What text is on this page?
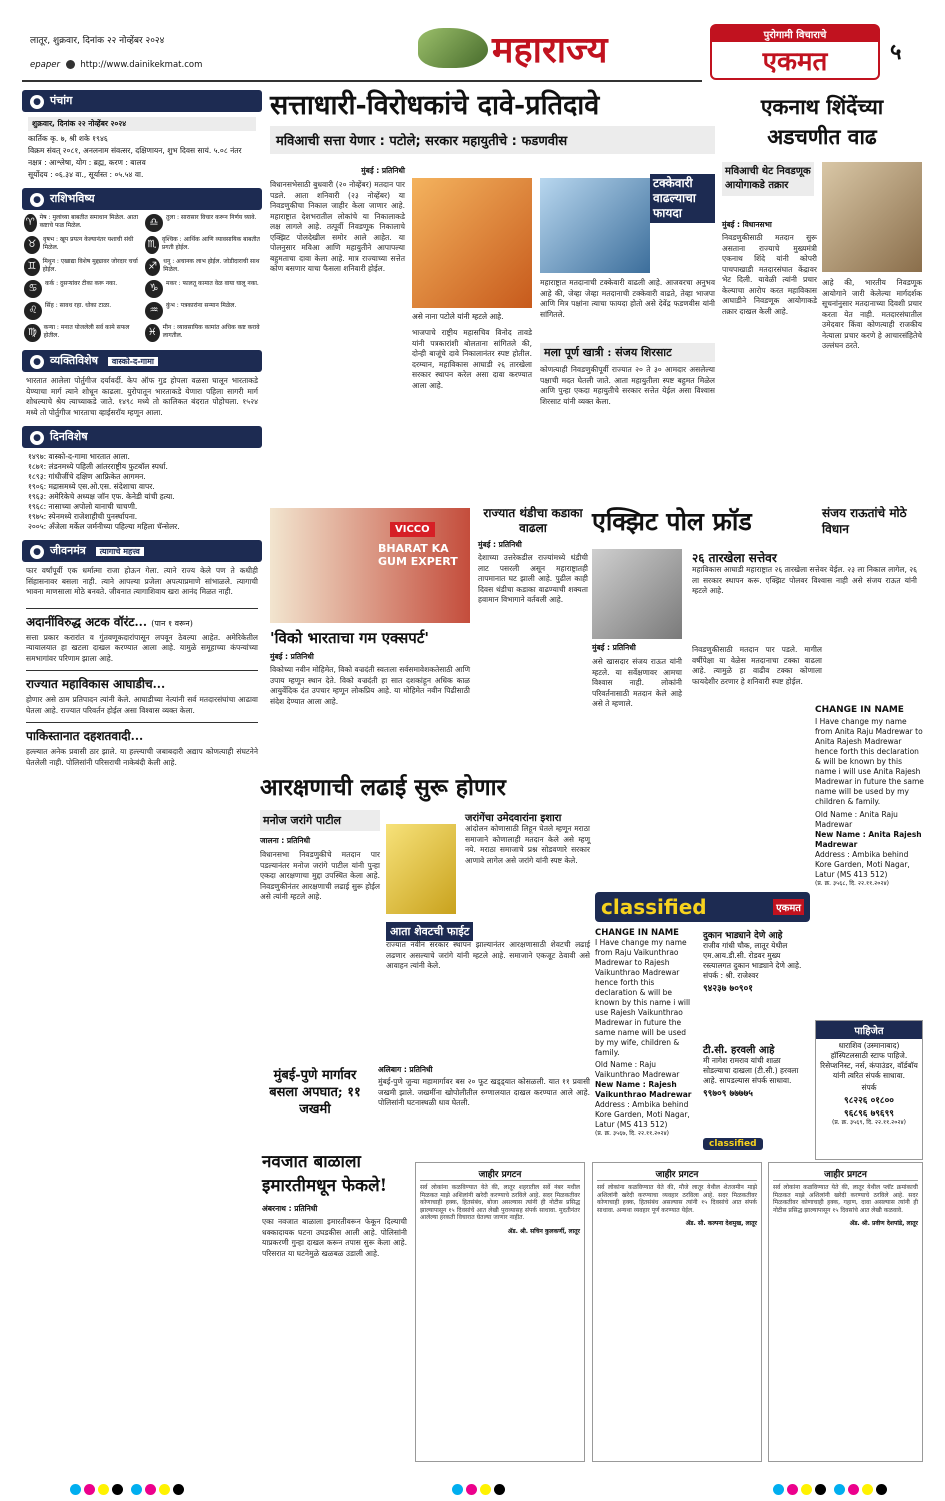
लातूर, शुक्रवार, दिनांक २२ नोव्हेंबर २०२४
epaper http://www.dainikekmat.com	महाराज्य	पुरोगामी विचाराचे
एकमत	५
● पंचांग
शुक्रवार, दिनांक २२ नोव्हेंबर २०२४
कार्तिक कृ. ७, श्री शके १९४६
विक्रम संवत् २०८१, अनलनाम संवत्सर, दक्षिणायन, शुभ दिवस सायं. ५.०८ नंतर
नक्षत्र : आश्लेषा, योग : ब्रह्म, करण : बालव
सूर्योदय : ०६.३४ वा., सूर्यास्त : ०५.५४ वा.
● राशिभविष्य
♈ मेष : मुलांच्या बाबतीत समाधान मिळेल. आता कष्टाचे फळ मिळेल.	♎	तुला : सारासार विचार करून निर्णय घ्यावे.
♉	वृषभ : खूप प्रयत्न केल्यानंतर यशाची संधी मिळेल.	♏ वृश्चिक : आर्थिक आणि व्यावसायिक बाबतीत प्रगती होईल.
♊	मिथुन : एखाद्या विशेष मुद्द्यावर जोरदार चर्चा होईल.	♐	धनु : अचानक लाभ होईल. जोडीदाराची साथ मिळेल.
♋	कर्क : दुसऱ्यांवर टीका करू नका.	♑	मकर : फालतू कामात वेळ वाया घालू नका.
♌	सिंह : सावध रहा. धोका टाळा.	♒	कुंभ : पत्रकारांना सन्मान मिळेल.
♍	कन्या : मनात योजलेली सर्व कामे सफल होतील.	♓ मीन : व्यावसायिक कामांत अधिक कष्ट करावे लागतील.
● व्यक्तिविशेष वास्को-द-गामा
भारतात आलेला पोर्तुगीज दर्यावर्दी. केप ऑफ गुड होपला वळसा घालून भारताकडे येण्याचा मार्ग त्याने शोधून काढला. युरोपातून भारताकडे येणारा पहिला सागरी मार्ग शोधल्याचे श्रेय त्याच्याकडे जाते. १४९८ मध्ये तो कालिकत बंदरात पोहोचला. १५२४ मध्ये तो पोर्तुगीज भारताचा व्हाईसरॉय म्हणून आला.
● दिनविशेष
१४९७: वास्को-द-गामा भारतात आला.
१८७१: लंडनमध्ये पहिली आंतरराष्ट्रीय फुटबॉल स्पर्धा.
१८९३: गांधीजींचे दक्षिण आफ्रिकेत आगमन.
१९०६: मद्रासमध्ये एस.ओ.एस. संदेशाचा वापर.
१९६३: अमेरिकेचे अध्यक्ष जॉन एफ. केनेडी यांची हत्या.
१९६८: नासाच्या अपोलो यानाची चाचणी.
१९७५: स्पेनमध्ये राजेशाहीची पुनर्स्थापना.
२००५: अँजेला मर्केल जर्मनीच्या पहिल्या महिला चॅन्सेलर.
● जीवनमंत्र त्यागाचे महत्त्व
फार वर्षांपूर्वी एक धर्मात्मा राजा होऊन गेला. त्याने राज्य केले पण ते कधीही सिंहासनावर बसला नाही. त्याने आपल्या प्रजेला अपत्याप्रमाणे सांभाळले. त्यागाची भावना माणसाला मोठे बनवते. जीवनात त्यागाशिवाय खरा आनंद मिळत नाही.
अदानींविरुद्ध अटक वॉरंट... (पान १ वरून)
सत्ता प्रकार करारांत व गुंतवणूकदारांपासून लपवून ठेवल्या आहेत. अमेरिकेतील न्यायालयात हा खटला दाखल करण्यात आला आहे. यामुळे समूहाच्या कंपन्यांच्या समभागांवर परिणाम झाला आहे.
राज्यात महाविकास आघाडीच...
होणार असे ठाम प्रतिपादन त्यांनी केले. आघाडीच्या नेत्यांनी सर्व मतदारसंघांचा आढावा घेतला आहे. राज्यात परिवर्तन होईल असा विश्वास व्यक्त केला.
पाकिस्तानात दहशतवादी...
हल्ल्यात अनेक प्रवासी ठार झाले. या हल्ल्याची जबाबदारी अद्याप कोणत्याही संघटनेने घेतलेली नाही. पोलिसांनी परिसराची नाकेबंदी केली आहे.
सत्ताधारी-विरोधकांचे दावे-प्रतिदावे
मविआची सत्ता येणार : पटोले; सरकार महायुतीचे : फडणवीस
मुंबई : प्रतिनिधी
विधानसभेसाठी बुधवारी (२० नोव्हेंबर) मतदान पार पडले. आता शनिवारी (२३ नोव्हेंबर) या निवडणुकीचा निकाल जाहीर केला जाणार आहे. महाराष्ट्रात देशभरातील लोकांचे या निकालाकडे लक्ष लागले आहे. तत्पूर्वी निवडणूक निकालाचे एक्झिट पोलदेखील समोर आले आहेत. या पोलनुसार मविआ आणि महायुतीने आपापल्या बहुमताचा दावा केला आहे. मात्र राज्याच्या सत्तेत कोण बसणार याचा फैसला शनिवारी होईल.
असे नाना पटोले यांनी म्हटले आहे.
भाजपाचे राष्ट्रीय महासचिव विनोद तावडे यांनी पत्रकारांशी बोलताना सांगितले की, दोन्ही बाजूंचे दावे निकालानंतर स्पष्ट होतील. दरम्यान, महाविकास आघाडी २६ तारखेला सरकार स्थापन करेल असा दावा करण्यात आला आहे.
टक्केवारी वाढल्याचा फायदा
महाराष्ट्रात मतदानाची टक्केवारी वाढली आहे. आजवरचा अनुभव आहे की, जेव्हा जेव्हा मतदानाची टक्केवारी वाढते, तेव्हा भाजपा आणि मित्र पक्षांना त्याचा फायदा होतो असे देवेंद्र फडणवीस यांनी सांगितले.
मला पूर्ण खात्री : संजय शिरसाट
कोणत्याही निवडणुकीपूर्वी राज्यात २० ते ३० आमदार असलेल्या पक्षाची मदत घेतली जाते. आता महायुतीला स्पष्ट बहुमत मिळेल आणि पुन्हा एकदा महायुतीचे सरकार सत्तेत येईल असा विश्वास शिरसाट यांनी व्यक्त केला.
एकनाथ शिंदेंच्या अडचणीत वाढ
मविआची थेट निवडणूक आयोगाकडे तक्रार
मुंबई : विधानसभा
निवडणुकीसाठी मतदान सुरू असताना राज्याचे मुख्यमंत्री एकनाथ शिंदे यांनी कोपरी पाचपाखाडी मतदारसंघात केंद्रावर भेट दिली. यावेळी त्यांनी प्रचार केल्याचा आरोप करत महाविकास आघाडीने निवडणूक आयोगाकडे तक्रार दाखल केली आहे.
आहे की, भारतीय निवडणूक आयोगाने जारी केलेल्या मार्गदर्शक सूचनांनुसार मतदानाच्या दिवशी प्रचार करता येत नाही. मतदारसंघातील उमेदवार किंवा कोणत्याही राजकीय नेत्याला प्रचार करणे हे आचारसंहितेचे उल्लंघन ठरते.
VICCO
BHARAT KA GUM EXPERT
'विको भारताचा गम एक्सपर्ट'
मुंबई : प्रतिनिधी
विकोच्या नवीन मोहिमेत, विको वज्रदंती स्वतःला सर्वसमावेशकतेसाठी आणि उपाय म्हणून स्थान देते. विको वज्रदंती हा सात दशकांहून अधिक काळ आयुर्वेदिक दंत उपचार म्हणून लोकप्रिय आहे. या मोहिमेत नवीन पिढीसाठी संदेश देण्यात आला आहे.
राज्यात थंडीचा कडाका वाढला
मुंबई : प्रतिनिधी
देशाच्या उत्तरेकडील राज्यांमध्ये थंडीची लाट पसरली असून महाराष्ट्रातही तापमानात घट झाली आहे. पुढील काही दिवस थंडीचा कडाका वाढण्याची शक्यता हवामान विभागाने वर्तवली आहे.
एक्झिट पोल फ्रॉड	संजय राऊतांचे मोठे विधान
२६ तारखेला सत्तेवर
महाविकास आघाडी महाराष्ट्रात २६ तारखेला सत्तेवर येईल. २३ ला निकाल लागेल, २६ ला सरकार स्थापन करू. एक्झिट पोलवर विश्वास नाही असे संजय राऊत यांनी म्हटले आहे.
मुंबई : प्रतिनिधी
असे खासदार संजय राऊत यांनी म्हटले. या सर्वेक्षणावर आमचा विश्वास नाही. लोकांनी परिवर्तनासाठी मतदान केले आहे असे ते म्हणाले.
निवडणुकीसाठी मतदान पार पडले. मागील वर्षीपेक्षा या वेळेस मतदानाचा टक्का वाढला आहे. त्यामुळे हा वाढीव टक्का कोणाला फायदेशीर ठरणार हे शनिवारी स्पष्ट होईल.
CHANGE IN NAME
I Have change my name from Anita Raju Madrewar to Anita Rajesh Madrewar hence forth this declaration & will be known by this name i will use Anita Rajesh Madrewar in future the same name will be used by my children & family.
Old Name : Anita Raju Madrewar
New Name : Anita Rajesh Madrewar
Address : Ambika behind Kore Garden, Moti Nagar, Latur (MS 413 512)
(प्र. क्र. ३५६८, दि. २२.११.२०२४)
आरक्षणाची लढाई सुरू होणार
मनोज जरांगे पाटील
जालना : प्रतिनिधी
विधानसभा निवडणुकीचे मतदान पार पडल्यानंतर मनोज जरांगे पाटील यांनी पुन्हा एकदा आरक्षणाचा मुद्दा उपस्थित केला आहे. निवडणुकीनंतर आरक्षणाची लढाई सुरू होईल असे त्यांनी म्हटले आहे.
जरांगेंचा उमेदवारांना इशारा
आंदोलन कोणासाठी लिहून घेतले म्हणून मराठा समाजाने कोणालाही मतदान केले असे म्हणू नये. मराठा समाजाचे प्रश्न सोडवणारे सरकार आणावे लागेल असे जरांगे यांनी स्पष्ट केले.
आता शेवटची फाईट
राज्यात नवीन सरकार स्थापन झाल्यानंतर आरक्षणासाठी शेवटची लढाई लढणार असल्याचे जरांगे यांनी म्हटले आहे. समाजाने एकजूट ठेवावी असे आवाहन त्यांनी केले.
मुंबई-पुणे मार्गावर बसला अपघात; ११ जखमी
अलिबाग : प्रतिनिधी
मुंबई-पुणे जुन्या महामार्गावर बस २० फूट खड्ड्यात कोसळली. यात ११ प्रवासी जखमी झाले. जखमींना खोपोलीतील रुग्णालयात दाखल करण्यात आले आहे. पोलिसांनी घटनास्थळी धाव घेतली.
नवजात बाळाला इमारतीमधून फेकले!
अंबरनाथ : प्रतिनिधी
एका नवजात बाळाला इमारतीवरून फेकून दिल्याची धक्कादायक घटना उघडकीस आली आहे. पोलिसांनी याप्रकरणी गुन्हा दाखल करून तपास सुरू केला आहे. परिसरात या घटनेमुळे खळबळ उडाली आहे.
classified	एकमत
CHANGE IN NAME
I Have change my name from Raju Vaikunthrao Madrewar to Rajesh Vaikunthrao Madrewar hence forth this declaration & will be known by this name i will use Rajesh Vaikunthrao Madrewar in future the same name will be used by my wife, children & family.
Old Name : Raju Vaikunthrao Madrewar
New Name : Rajesh Vaikunthrao Madrewar
Address : Ambika behind Kore Garden, Moti Nagar, Latur (MS 413 512)
(प्र. क्र. ३५६७, दि. २२.११.२०२४)
दुकान भाड्याने देणे आहे
राजीव गांधी चौक, लातूर येथील एम.आय.डी.सी. रोडवर मुख्य रस्त्यालगत दुकान भाड्याने देणे आहे. संपर्क : श्री. राजेश्वर
९४२३७ ७०९०१
टी.सी. हरवली आहे
मी नागेश रामराव यांची शाळा सोडल्याचा दाखला (टी.सी.) हरवला आहे. सापडल्यास संपर्क साधावा.
९९७०९ ७७७७५
classified
पाहिजेत
धाराशिव (उस्मानाबाद) हॉस्पिटलसाठी स्टाफ पाहिजे. रिसेप्शनिस्ट, नर्स, कंपाउंडर, वॉर्डबॉय यांनी त्वरित संपर्क साधावा.
संपर्क
९८२२६ ०१८००
९६८९६ ७९६९९
(प्र. क्र. ३५६९, दि. २२.११.२०२४)
जाहीर प्रगटन
सर्व लोकांना कळविण्यात येते की, लातूर शहरातील सर्वे नंबर मधील मिळकत माझे अशिलांनी खरेदी करण्याचे ठरविले आहे. सदर मिळकतीवर कोणाचाही हक्क, हितसंबंध, बोजा असल्यास त्यांनी ही नोटीस प्रसिद्ध झाल्यापासून १५ दिवसांचे आत लेखी पुराव्यासह संपर्क साधावा. मुदतीनंतर आलेल्या हरकती विचारात घेतल्या जाणार नाहीत.
ॲड. श्री. सचिन कुलकर्णी, लातूर
जाहीर प्रगटन
सर्व लोकांना कळविण्यात येते की, मौजे लातूर येथील शेतजमीन माझे अशिलांनी खरेदी करण्याचा व्यवहार ठरविला आहे. सदर मिळकतीवर कोणाचाही हक्क, हितसंबंध असल्यास त्यांनी १५ दिवसांचे आत संपर्क साधावा. अन्यथा व्यवहार पूर्ण करण्यात येईल.
ॲड. सौ. कल्पना देशमुख, लातूर
जाहीर प्रगटन
सर्व लोकांना कळविण्यात येते की, लातूर येथील प्लॉट क्रमांकाची मिळकत माझे अशिलांनी खरेदी करण्याचे ठरविले आहे. सदर मिळकतीवर कोणाचाही हक्क, गहाण, दावा असल्यास त्यांनी ही नोटीस प्रसिद्ध झाल्यापासून १५ दिवसांचे आत लेखी कळवावे.
ॲड. श्री. प्रवीण देशपांडे, लातूर
